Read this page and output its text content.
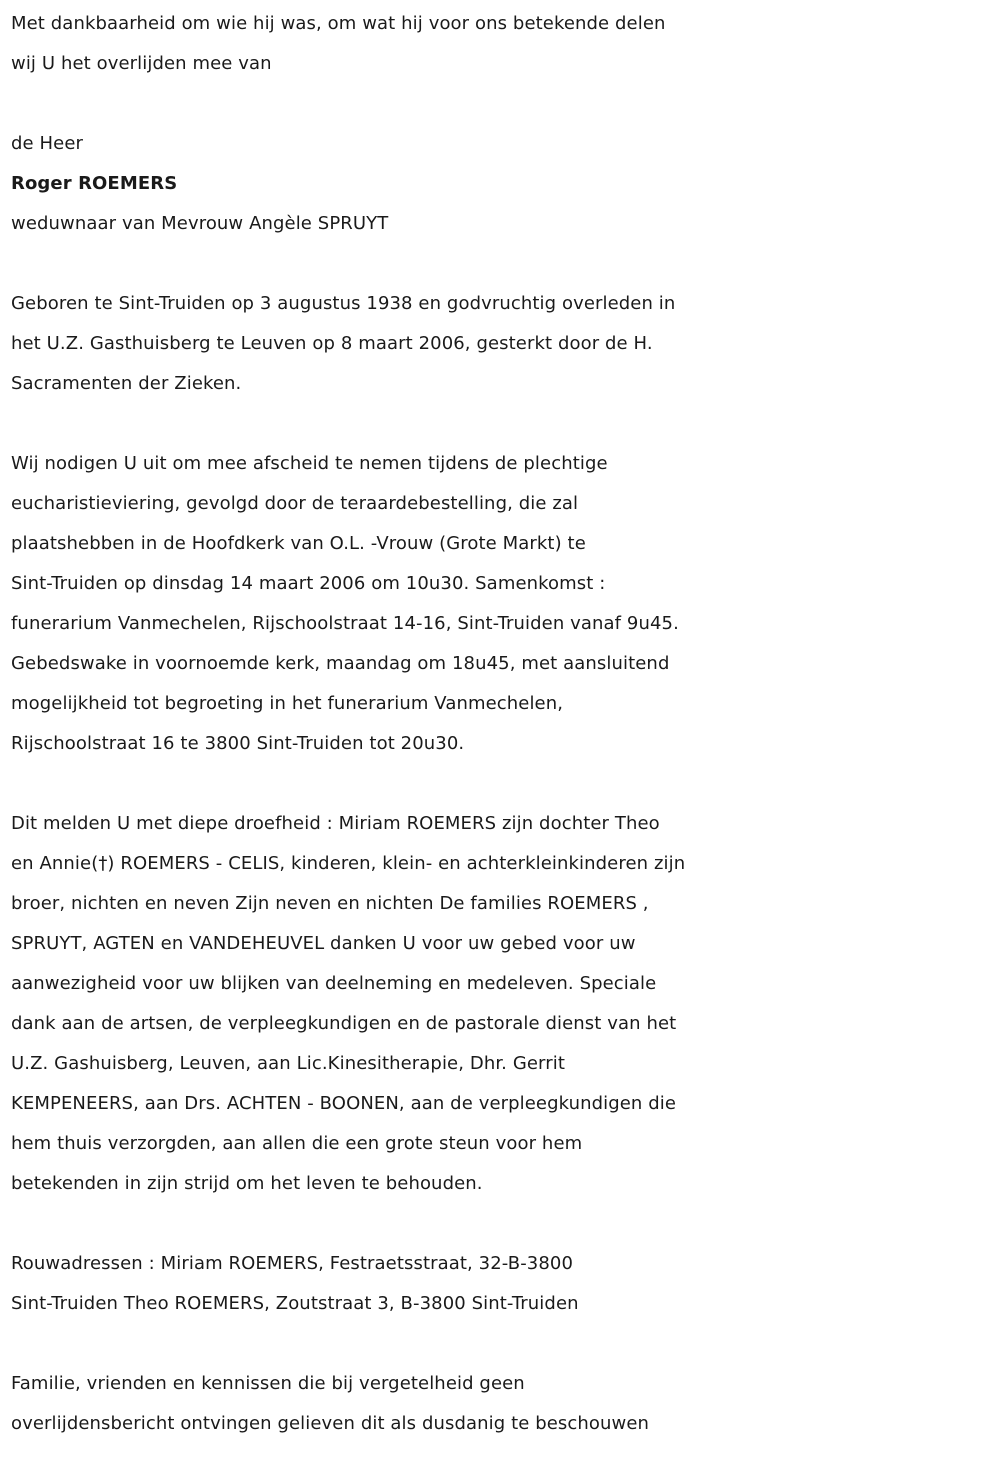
Met dankbaarheid om wie hij was, om wat hij voor ons betekende delen

wij U het overlijden mee van

de Heer

Roger ROEMERS

weduwnaar van Mevrouw Angèle SPRUYT

Geboren te Sint-Truiden op 3 augustus 1938 en godvruchtig overleden in

het U.Z. Gasthuisberg te Leuven op 8 maart 2006, gesterkt door de H.

Sacramenten der Zieken.

Wij nodigen U uit om mee afscheid te nemen tijdens de plechtige

eucharistieviering, gevolgd door de teraardebestelling, die zal

plaatshebben in de Hoofdkerk van O.L. -Vrouw (Grote Markt) te

Sint-Truiden op dinsdag 14 maart 2006 om 10u30. Samenkomst :

funerarium Vanmechelen, Rijschoolstraat 14-16, Sint-Truiden vanaf 9u45.

Gebedswake in voornoemde kerk, maandag om 18u45, met aansluitend

mogelijkheid tot begroeting in het funerarium Vanmechelen,

Rijschoolstraat 16 te 3800 Sint-Truiden tot 20u30.

Dit melden U met diepe droefheid : Miriam ROEMERS zijn dochter Theo

en Annie(†) ROEMERS - CELIS, kinderen, klein- en achterkleinkinderen zijn

broer, nichten en neven Zijn neven en nichten De families ROEMERS ,

SPRUYT, AGTEN en VANDEHEUVEL danken U voor uw gebed voor uw

aanwezigheid voor uw blijken van deelneming en medeleven. Speciale

dank aan de artsen, de verpleegkundigen en de pastorale dienst van het

U.Z. Gashuisberg, Leuven, aan Lic.Kinesitherapie, Dhr. Gerrit

KEMPENEERS, aan Drs. ACHTEN - BOONEN, aan de verpleegkundigen die

hem thuis verzorgden, aan allen die een grote steun voor hem

betekenden in zijn strijd om het leven te behouden.

Rouwadressen : Miriam ROEMERS, Festraetsstraat, 32-B-3800

Sint-Truiden Theo ROEMERS, Zoutstraat 3, B-3800 Sint-Truiden

Familie, vrienden en kennissen die bij vergetelheid geen

overlijdensbericht ontvingen gelieven dit als dusdanig te beschouwen
